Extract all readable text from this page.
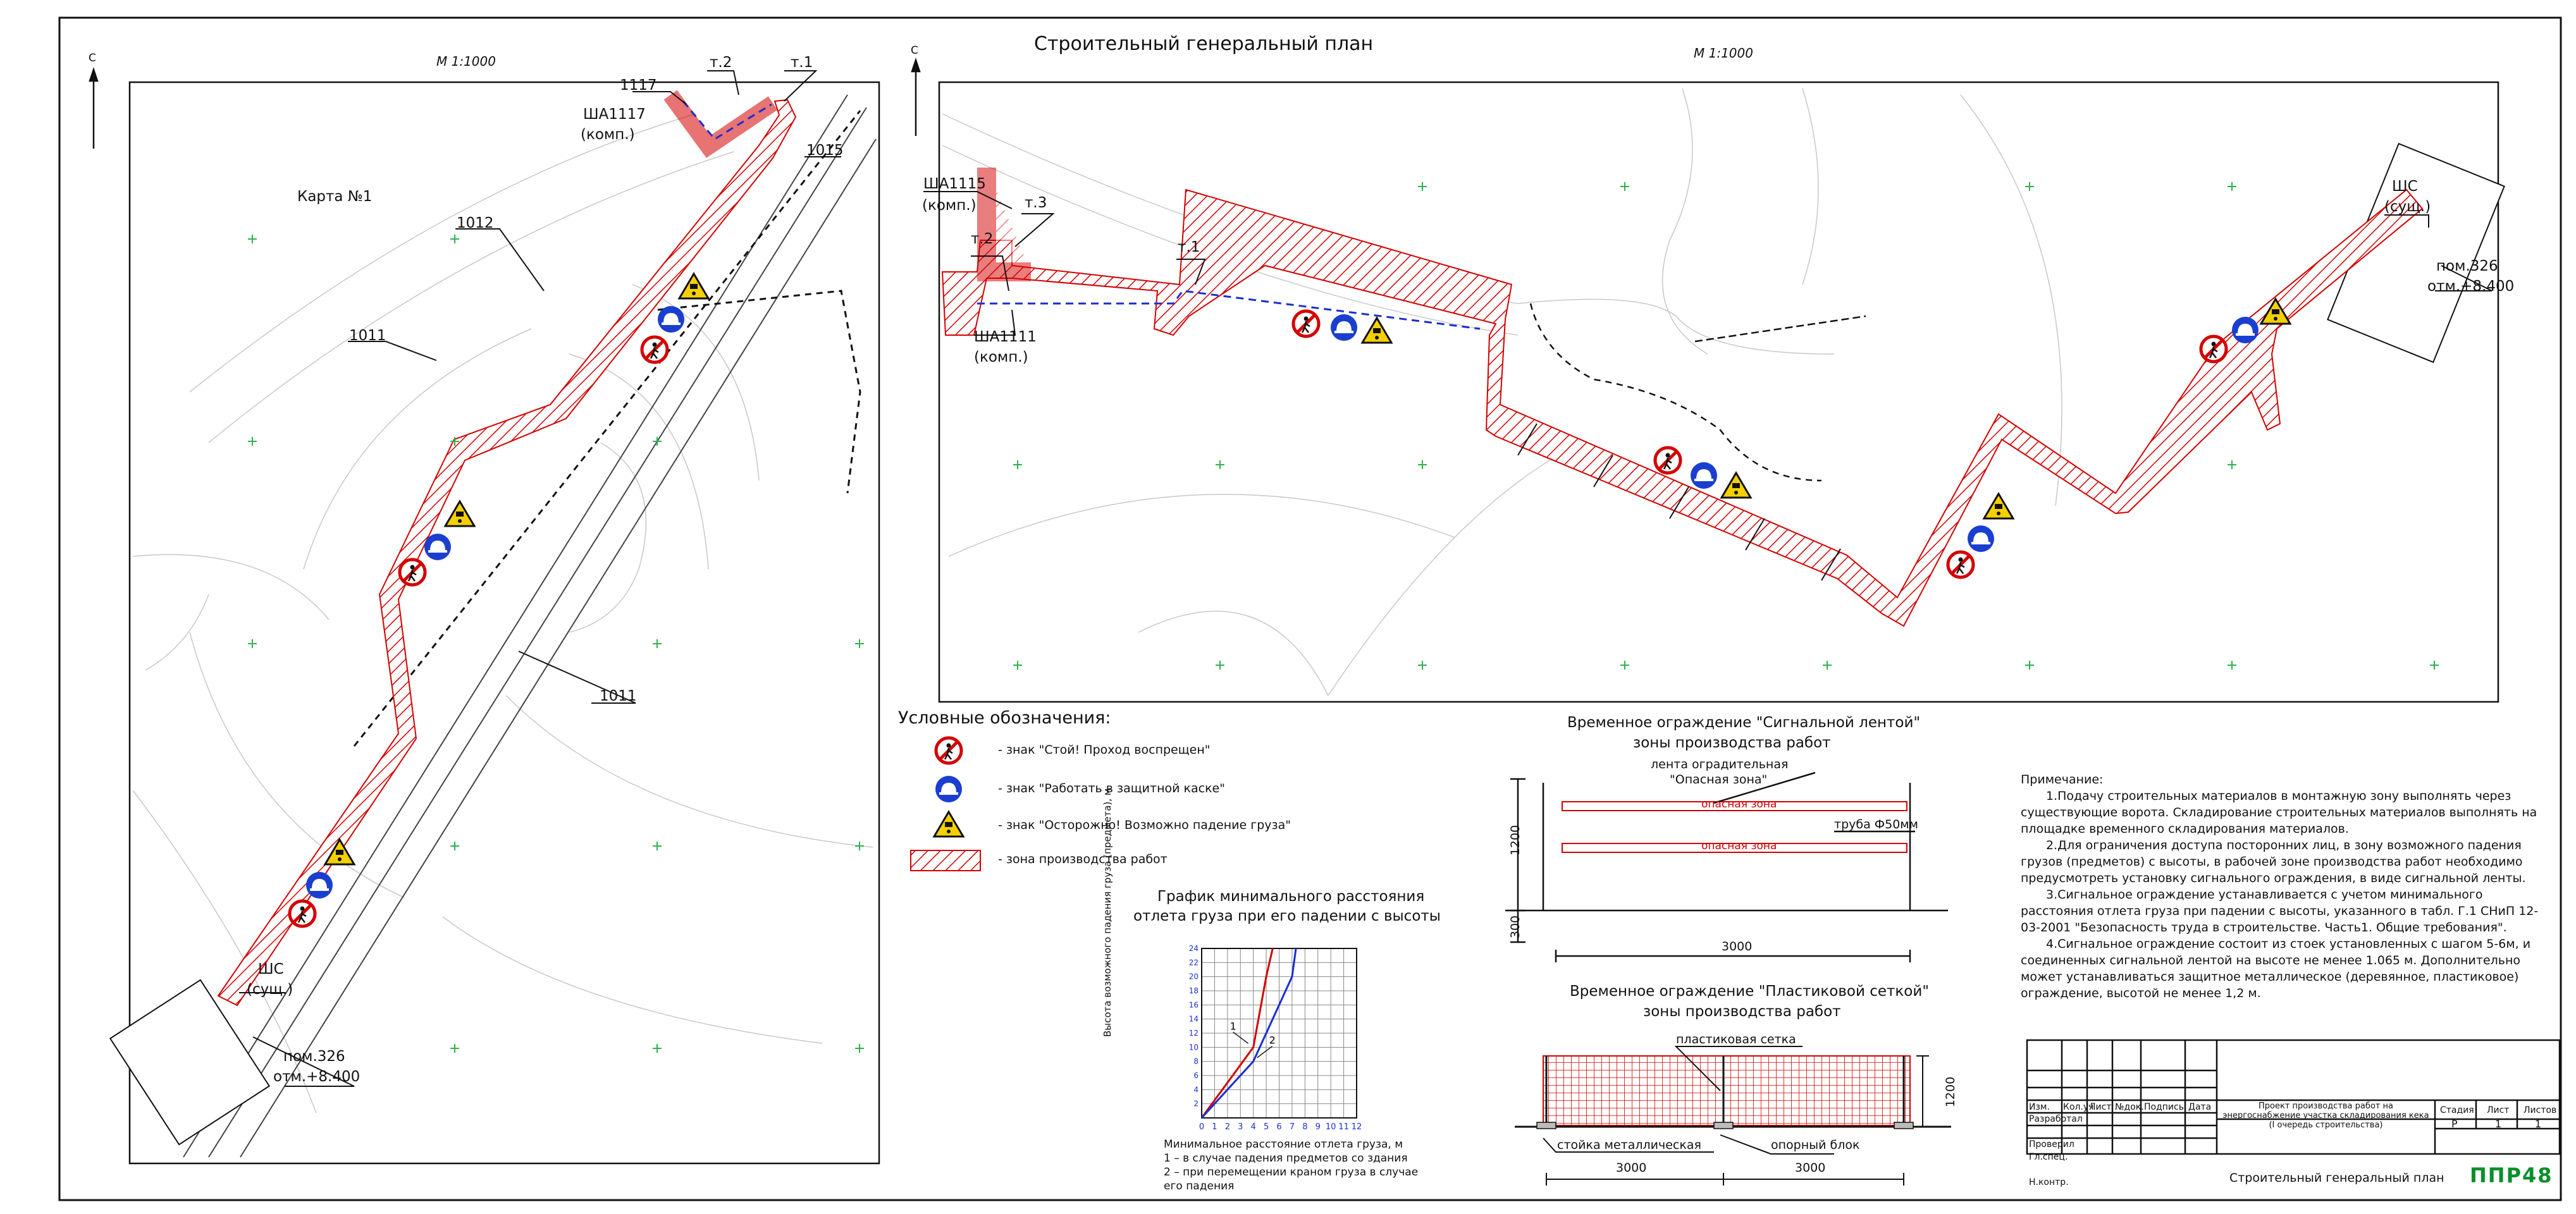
0 1 2 3 4 5 6 7 8 9 10 11 12
2
4
6
8
10
12
14
16
18
20
22
24
1
2
Строительный генеральный план
М 1:1000
М 1:1000
С
С
Карта №1
1117
ША1117
(комп.)
т.2	т.1
1015
1012
1011
1011
ШС
(сущ.)
пом.326
отм.+8.400
ША1115
(комп.)	т.3
т.2	т.1
ША1111
(комп.)
ШС
(сущ.)
пом.326
отм.+8.400
Условные обозначения:
- знак "Стой! Проход воспрещен"
- знак "Работать в защитной каске"
- знак "Осторожно! Возможно падение груза"
- зона производства работ
Временное ограждение "Сигнальной лентой"
зоны производства работ
лента оградительная
"Опасная зона"
опасная зона
опасная зона
труба Ф50мм
1200
300
3000
Временное ограждение "Пластиковой сеткой"
зоны производства работ
пластиковая сетка
стойка металлическая	опорный блок
1200
3000	3000
График минимального расстояния
отлета груза при его падении с высоты
Высота возможного падения груза (предмета), м
Минимальное расстояние отлета груза, м
1 – в случае падения предметов со здания
2 – при перемещении краном груза в случае
его падения
Примечание:

1.Подачу строительных материалов в монтажную зону выполнять через существующие ворота. Складирование строительных материалов выполнять на площадке временного складирования материалов.

2.Для ограничения доступа посторонних лиц, в зону возможного падения грузов (предметов) с высоты, в рабочей зоне производства работ необходимо предусмотреть установку сигнального ограждения, в виде сигнальной ленты.

3.Сигнальное ограждение устанавливается с учетом минимального расстояния отлета груза при падении с высоты, указанного в табл. Г.1 СНиП 12-03-2001 "Безопасность труда в строительстве. Часть1. Общие требования".

4.Сигнальное ограждение состоит из стоек установленных с шагом 5-6м, и соединенных сигнальной лентой на высоте не менее 1.065 м. Дополнительно может устанавливаться защитное металлическое (деревянное, пластиковое) ограждение, высотой не менее 1,2 м.

Изм. Кол.уч
Лист №док. Подпись Дата
Разработал
Проверил
Гл.спец.
Н.контр.
Проект производства работ на энергоснабжение участка складирования кека (I очередь строительства)
Стадия Лист Листов
Р	1	1
Строительный генеральный план ППР48
